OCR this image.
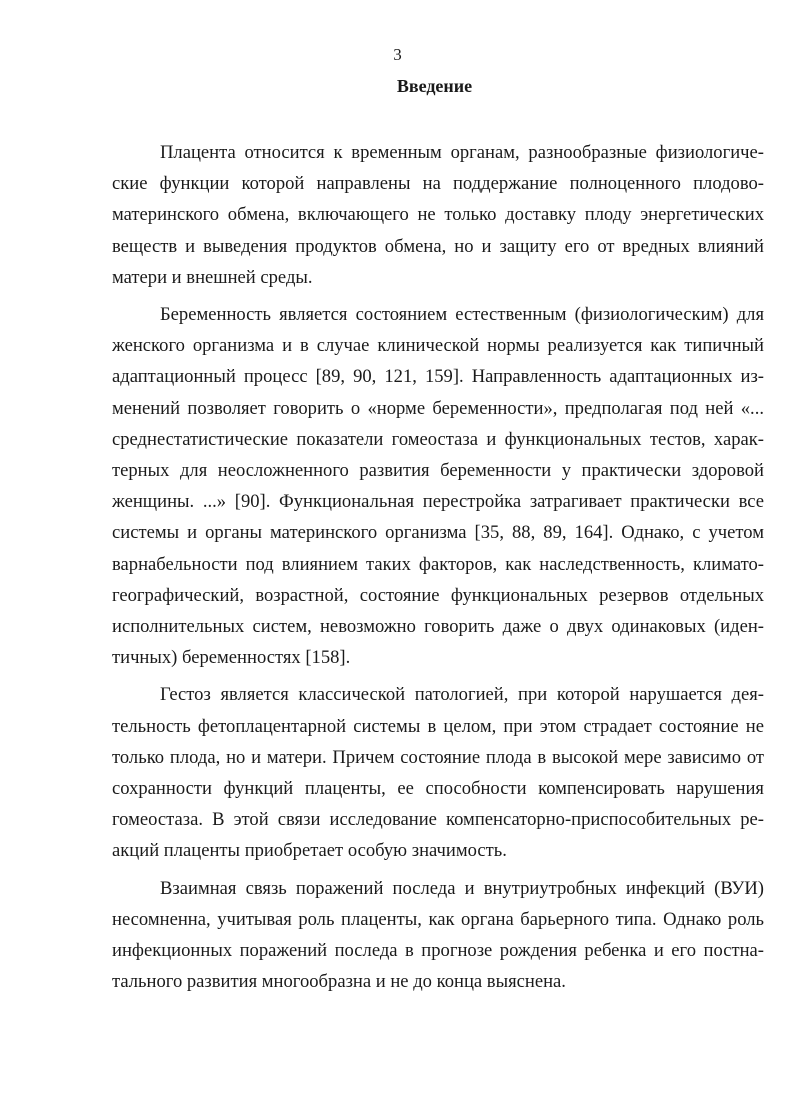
3
Введение

Плацента относится к временным органам, разнообразные физиологические функции которой направлены на поддержание полноценного плодово-материнского обмена, включающего не только доставку плоду энергетических веществ и выведения продуктов обмена, но и защиту его от вредных влияний матери и внешней среды.

Беременность является состоянием естественным (физиологическим) для женского организма и в случае клинической нормы реализуется как типичный адаптационный процесс [89, 90, 121, 159]. Направленность адаптационных изменений позволяет говорить о «норме беременности», предполагая под ней «... среднестатистические показатели гомеостаза и функциональных тестов, характерных для неосложненного развития беременности у практически здоровой женщины. ...» [90]. Функциональная перестройка затрагивает практически все системы и органы материнского организма [35, 88, 89, 164]. Однако, с учетом варнабельности под влиянием таких факторов, как наследственность, климато-географический, возрастной, состояние функциональных резервов отдельных исполнительных систем, невозможно говорить даже о двух одинаковых (идентичных) беременностях [158].

Гестоз является классической патологией, при которой нарушается деятельность фетоплацентарной системы в целом, при этом страдает состояние не только плода, но и матери. Причем состояние плода в высокой мере зависимо от сохранности функций плаценты, ее способности компенсировать нарушения гомеостаза. В этой связи исследование компенсаторно-приспособительных реакций плаценты приобретает особую значимость.

Взаимная связь поражений последа и внутриутробных инфекций (ВУИ) несомненна, учитывая роль плаценты, как органа барьерного типа. Однако роль инфекционных поражений последа в прогнозе рождения ребенка и его постнатального развития многообразна и не до конца выяснена.
